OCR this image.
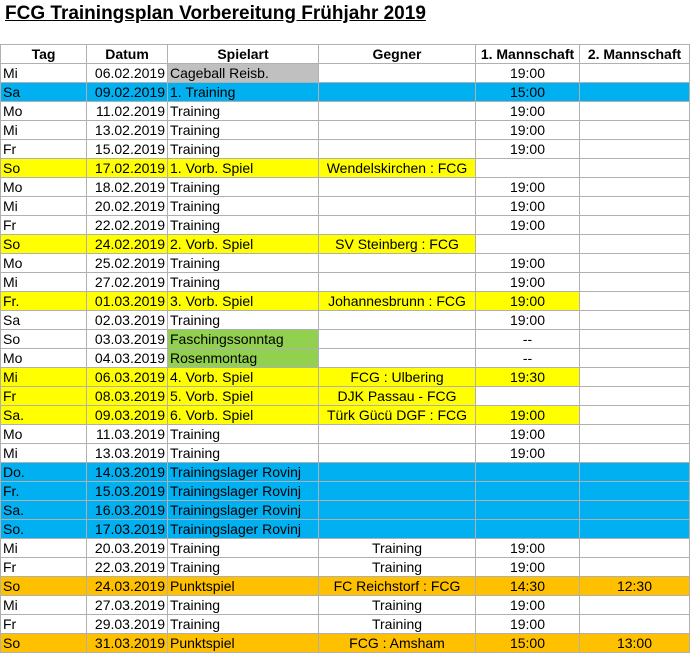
FCG Trainingsplan Vorbereitung Frühjahr 2019
Tag	Datum	Spielart	Gegner	1. Mannschaft	2. Mannschaft
Mi	06.02.2019	Cageball Reisb.		19:00	
Sa	09.02.2019	1. Training		15:00	
Mo	11.02.2019	Training		19:00	
Mi	13.02.2019	Training		19:00	
Fr	15.02.2019	Training		19:00	
So	17.02.2019	1. Vorb. Spiel	Wendelskirchen : FCG		
Mo	18.02.2019	Training		19:00	
Mi	20.02.2019	Training		19:00	
Fr	22.02.2019	Training		19:00	
So	24.02.2019	2. Vorb. Spiel	SV Steinberg : FCG		
Mo	25.02.2019	Training		19:00	
Mi	27.02.2019	Training		19:00	
Fr.	01.03.2019	3. Vorb. Spiel	Johannesbrunn : FCG	19:00	
Sa	02.03.2019	Training		19:00	
So	03.03.2019	Faschingssonntag		--	
Mo	04.03.2019	Rosenmontag		--	
Mi	06.03.2019	4. Vorb. Spiel	FCG : Ulbering	19:30	
Fr	08.03.2019	5. Vorb. Spiel	DJK Passau - FCG		
Sa.	09.03.2019	6. Vorb. Spiel	Türk Gücü DGF : FCG	19:00	
Mo	11.03.2019	Training		19:00	
Mi	13.03.2019	Training		19:00	
Do.	14.03.2019	Trainingslager Rovinj			
Fr.	15.03.2019	Trainingslager Rovinj			
Sa.	16.03.2019	Trainingslager Rovinj			
So.	17.03.2019	Trainingslager Rovinj			
Mi	20.03.2019	Training	Training	19:00	
Fr	22.03.2019	Training	Training	19:00	
So	24.03.2019	Punktspiel	FC Reichstorf : FCG	14:30	12:30
Mi	27.03.2019	Training	Training	19:00	
Fr	29.03.2019	Training	Training	19:00	
So	31.03.2019	Punktspiel	FCG : Amsham	15:00	13:00
